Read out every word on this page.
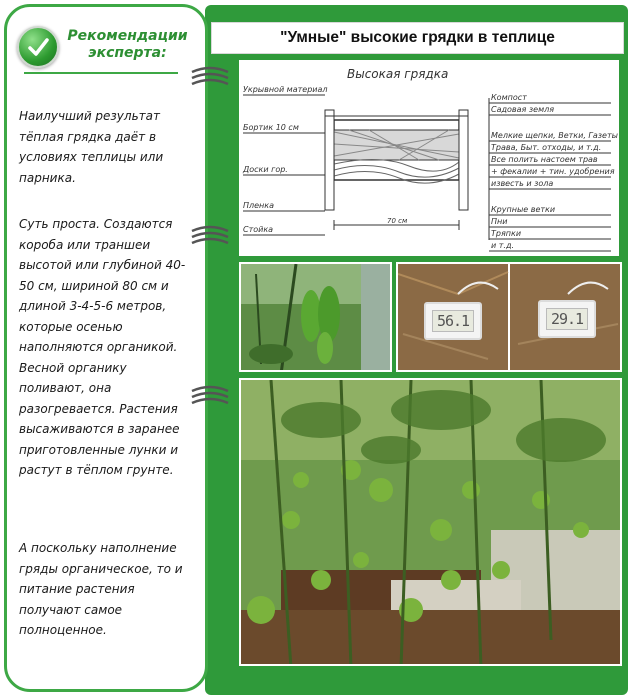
"Умные" высокие грядки в теплице
Высокая грядка
70 см
Укрывной материал
Бортик 10 см
Доски гор.
Пленка
Стойка
Компост
Садовая земля
Мелкие щепки, Ветки, Газеты
Трава, Быт. отходы, и т.д.
Все полить настоем трав
+ фекалии + тин. удобрения
известь и зола
Крупные ветки
Пни
Тряпки
и т.д.
56.1	29.1
Рекомендации эксперта:
Наилучший результат тёплая грядка даёт в условиях теплицы или парника.
Суть проста. Создаются короба или траншеи высотой или глубиной 40-50 см, шириной 80 см и длиной 3-4-5-6 метров, которые осенью наполняются органикой. Весной органику поливают, она разогревается. Растения высаживаются в заранее приготовленные лунки и растут в тёплом грунте.
А поскольку наполнение гряды органическое, то и питание растения получают самое полноценное.
